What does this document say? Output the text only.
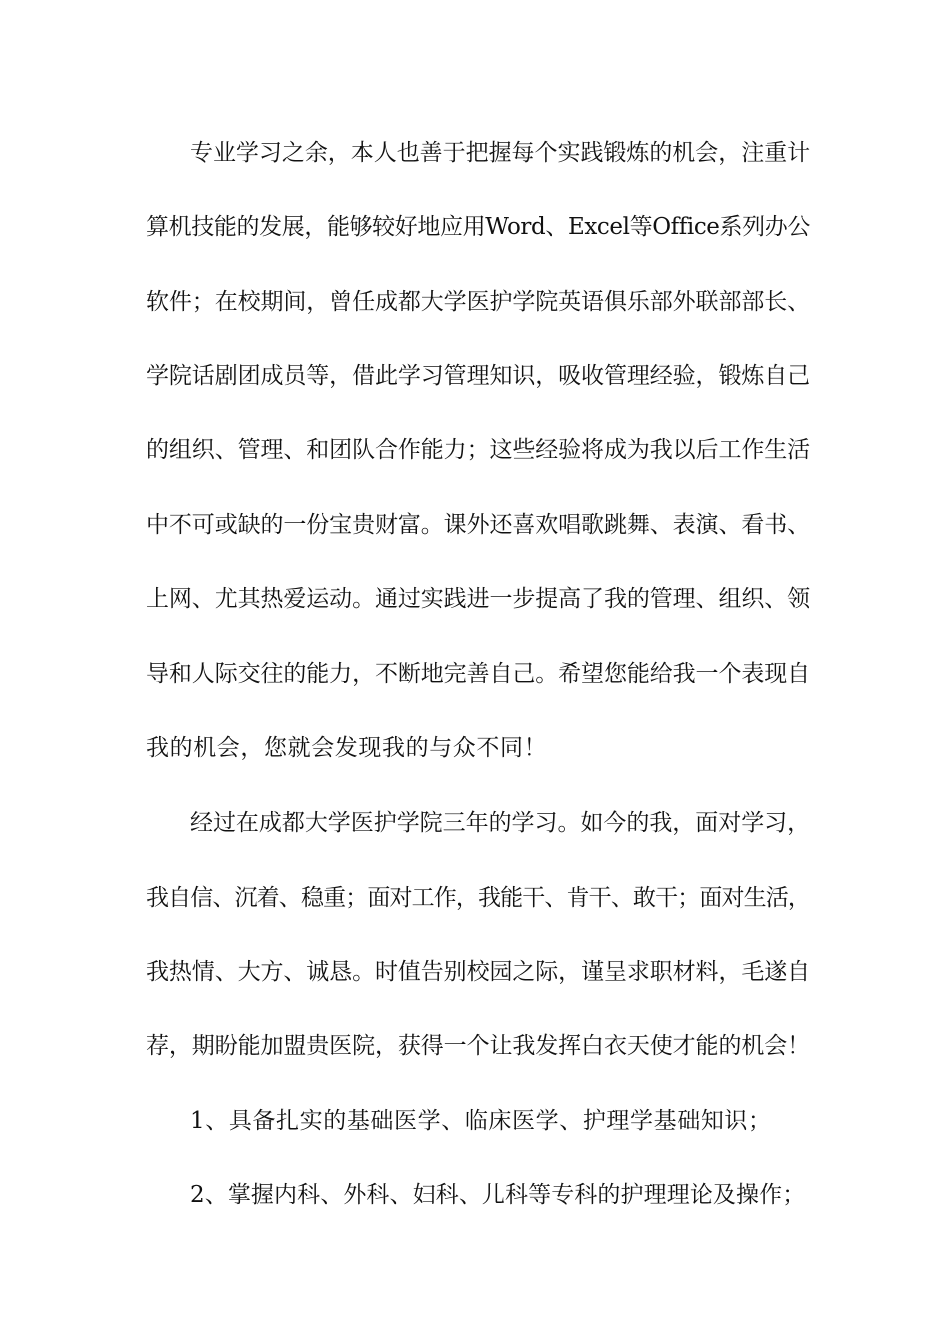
专业学习之余，本人也善于把握每个实践锻炼的机会，注重计
算机技能的发展，能够较好地应用Word、Excel等Office系列办公
软件；在校期间，曾任成都大学医护学院英语俱乐部外联部部长、
学院话剧团成员等，借此学习管理知识，吸收管理经验，锻炼自己
的组织、管理、和团队合作能力；这些经验将成为我以后工作生活
中不可或缺的一份宝贵财富。课外还喜欢唱歌跳舞、表演、看书、
上网、尤其热爱运动。通过实践进一步提高了我的管理、组织、领
导和人际交往的能力，不断地完善自己。希望您能给我一个表现自
我的机会，您就会发现我的与众不同！
经过在成都大学医护学院三年的学习。如今的我，面对学习，
我自信、沉着、稳重；面对工作，我能干、肯干、敢干；面对生活，
我热情、大方、诚恳。时值告别校园之际，谨呈求职材料，毛遂自
荐，期盼能加盟贵医院，获得一个让我发挥白衣天使才能的机会！
1、具备扎实的基础医学、临床医学、护理学基础知识；
2、掌握内科、外科、妇科、儿科等专科的护理理论及操作；
